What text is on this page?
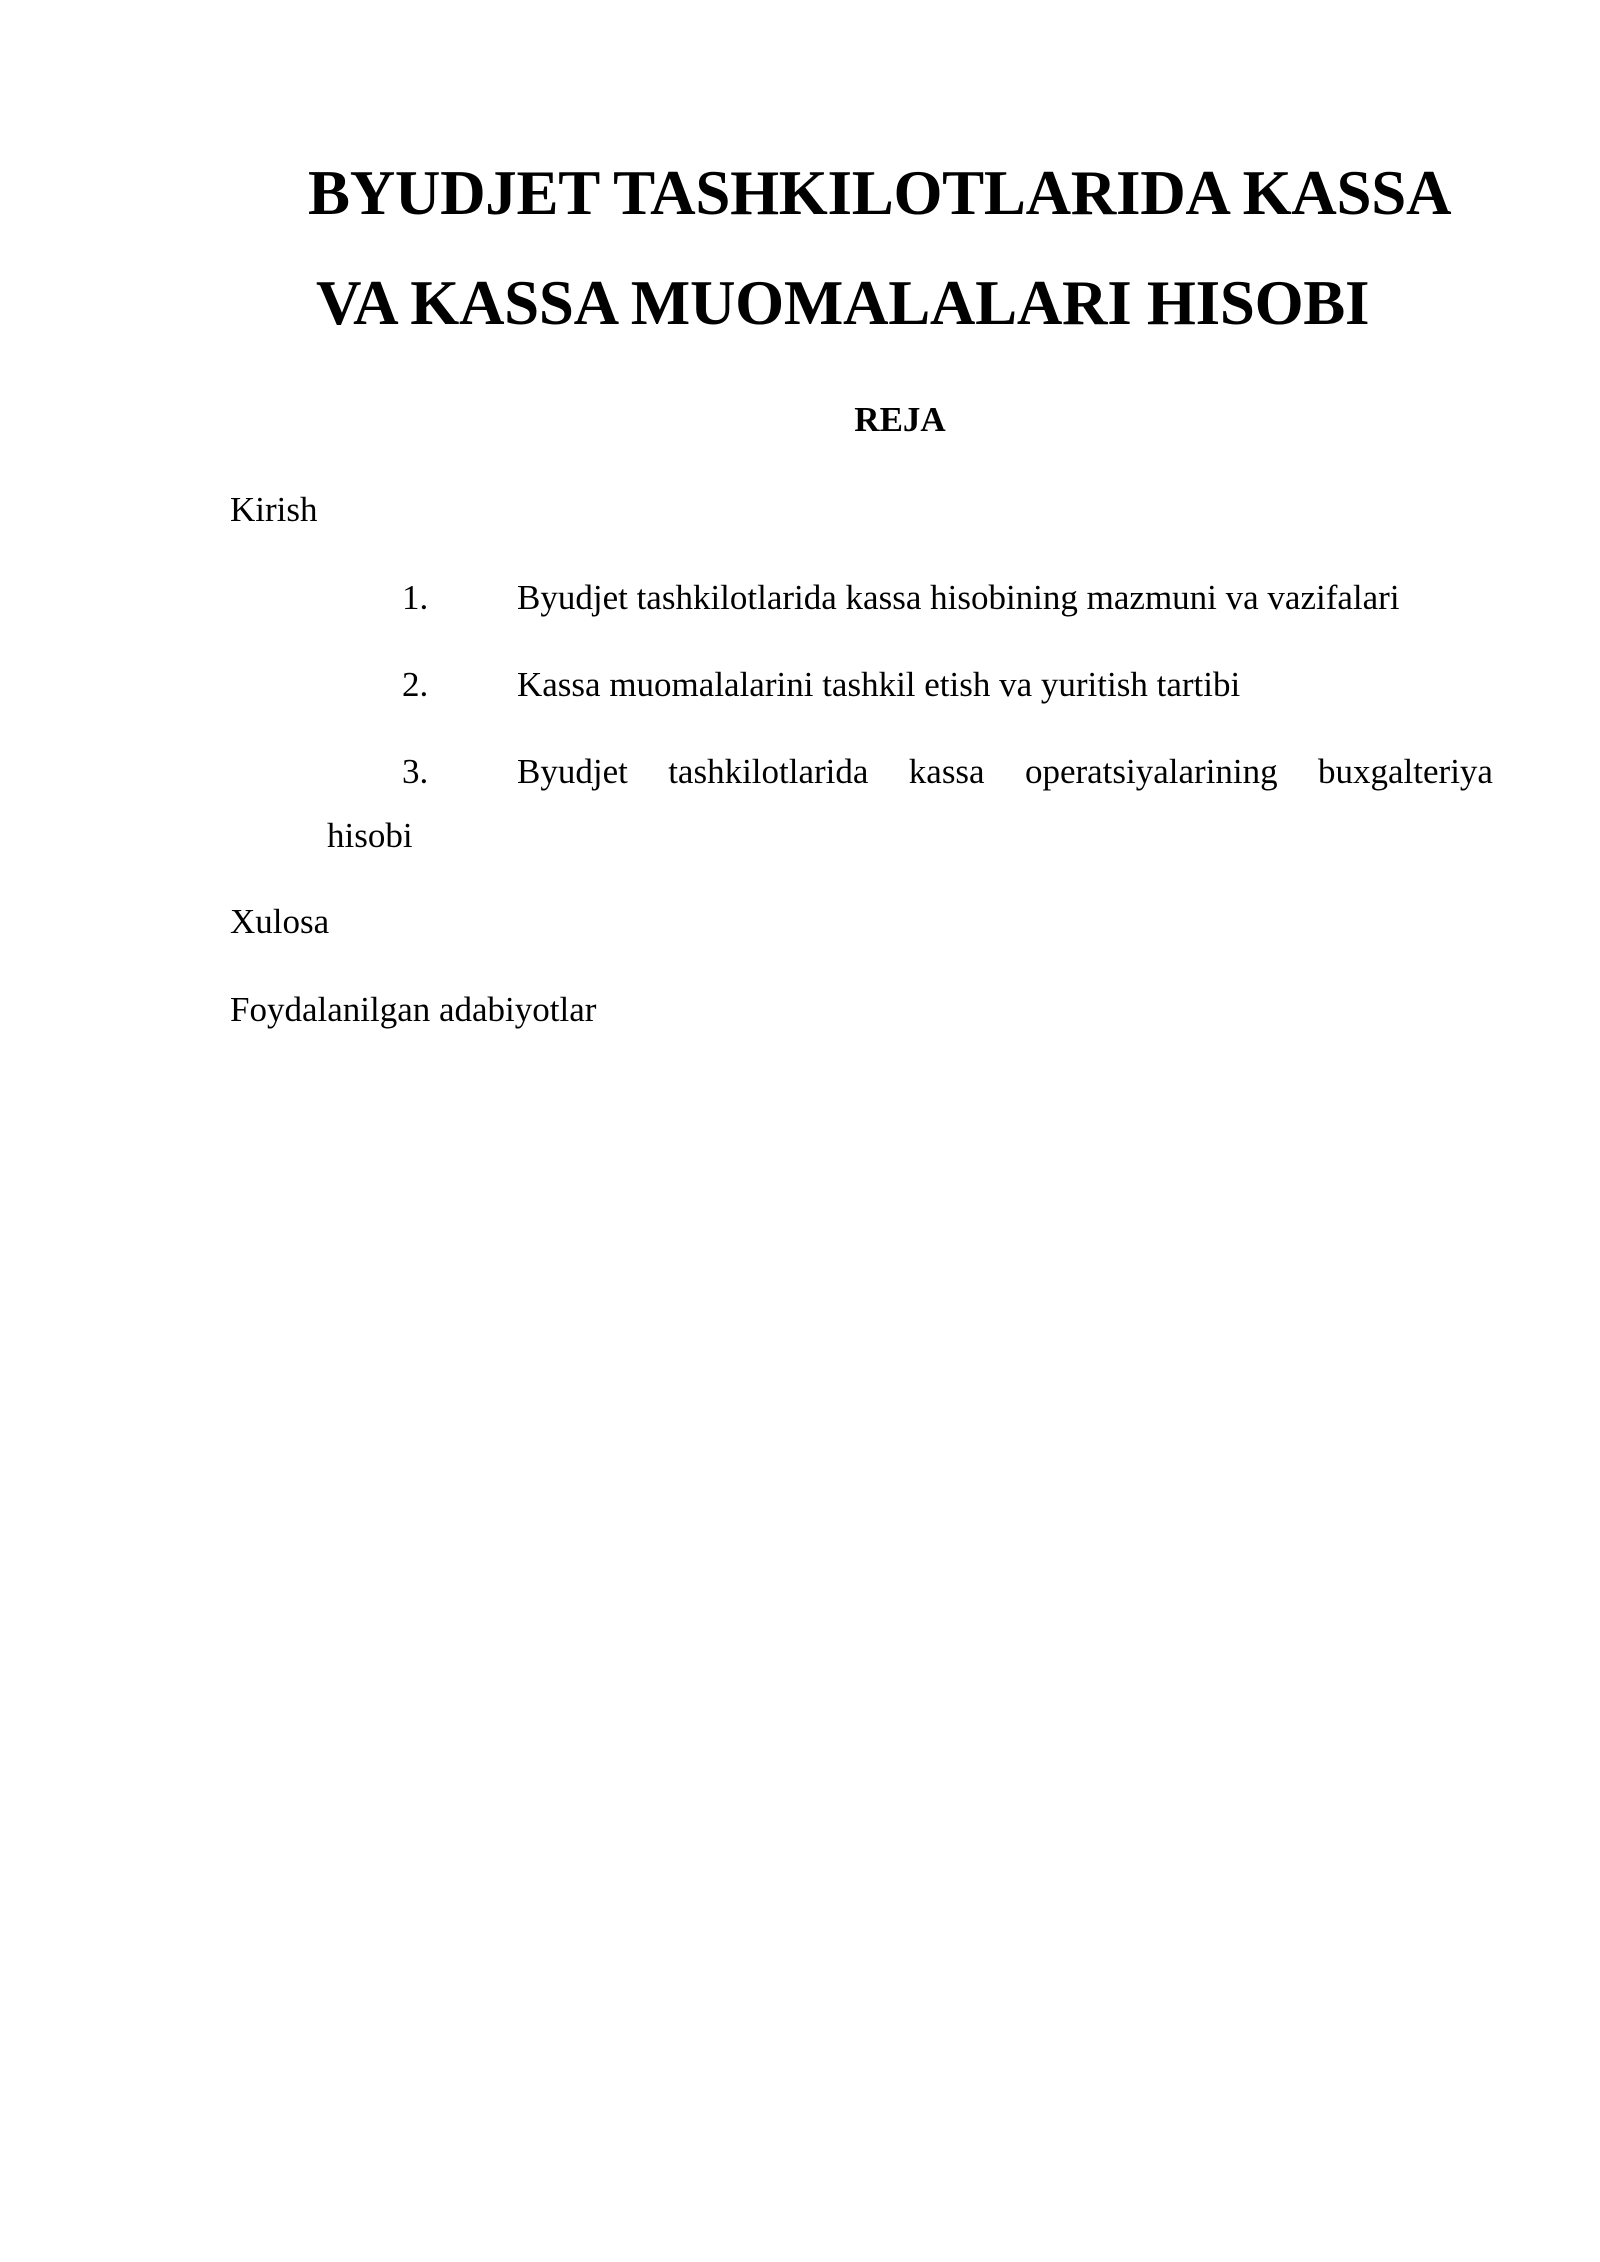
BYUDJET TASHKILOTLARIDA KASSA
VA KASSA MUOMALALARI HISOBI
REJA
Kirish
1.	Byudjet tashkilotlarida kassa hisobining mazmuni va vazifalari
2.	Kassa muomalalarini tashkil etish va yuritish tartibi
3.	Byudjet tashkilotlarida kassa operatsiyalarining buxgalteriya
hisobi
Xulosa
Foydalanilgan adabiyotlar
